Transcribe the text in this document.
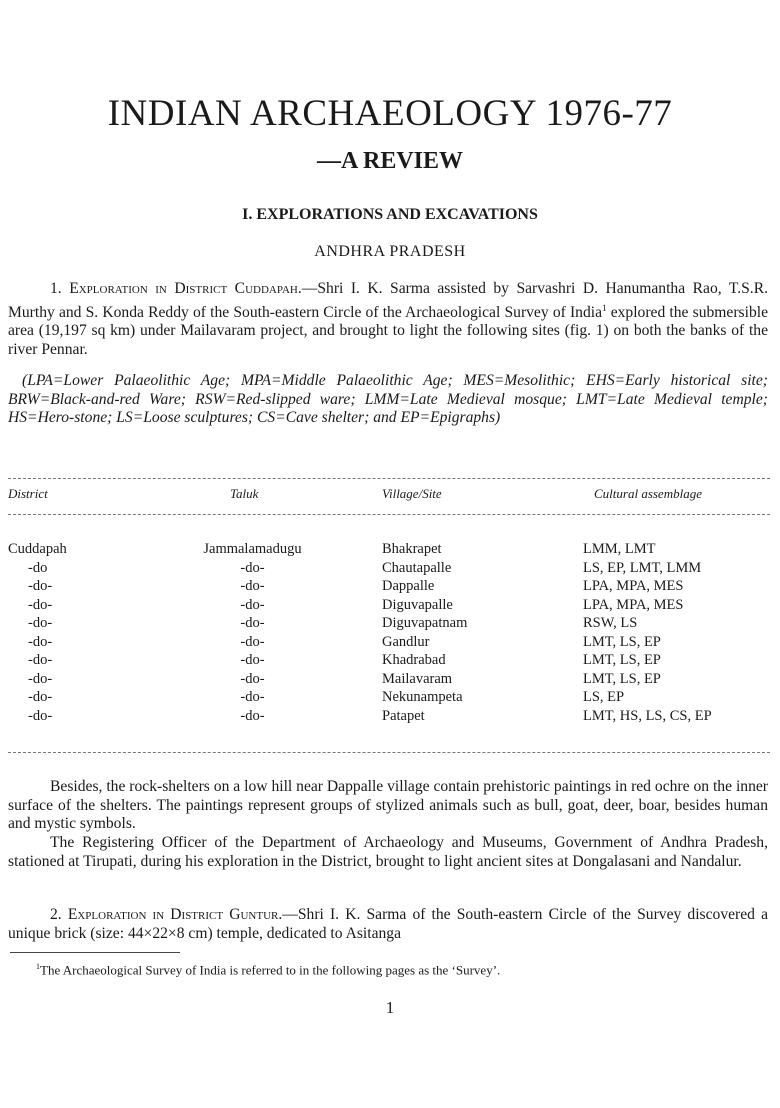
INDIAN ARCHAEOLOGY 1976-77
—A REVIEW
I. EXPLORATIONS AND EXCAVATIONS
ANDHRA PRADESH
1. Exploration in District Cuddapah.—Shri I. K. Sarma assisted by Sarvashri D. Hanumantha Rao, T.S.R. Murthy and S. Konda Reddy of the South-eastern Circle of the Archaeological Survey of India$^1$ explored the submersible area (19,197 sq km) under Mailavaram project, and brought to light the following sites (fig. 1) on both the banks of the river Pennar.
(LPA=Lower Palaeolithic Age; MPA=Middle Palaeolithic Age; MES=Mesolithic; EHS=Early historical site; BRW=Black-and-red Ware; RSW=Red-slipped ware; LMM=Late Medieval mosque; LMT=Late Medieval temple; HS=Hero-stone; LS=Loose sculptures; CS=Cave shelter; and EP=Epigraphs)
District	Taluk	Village/Site	Cultural assemblage
Cuddapah	Jammalamadugu	Bhakrapet	LMM, LMT
-do	-do-	Chautapalle	LS, EP, LMT, LMM
-do-	-do-	Dappalle	LPA, MPA, MES
-do-	-do-	Diguvapalle	LPA, MPA, MES
-do-	-do-	Diguvapatnam	RSW, LS
-do-	-do-	Gandlur	LMT, LS, EP
-do-	-do-	Khadrabad	LMT, LS, EP
-do-	-do-	Mailavaram	LMT, LS, EP
-do-	-do-	Nekunampeta	LS, EP
-do-	-do-	Patapet	LMT, HS, LS, CS, EP
Besides, the rock-shelters on a low hill near Dappalle village contain prehistoric paintings in red ochre on the inner surface of the shelters. The paintings represent groups of stylized animals such as bull, goat, deer, boar, besides human and mystic symbols.
The Registering Officer of the Department of Archaeology and Museums, Government of Andhra Pradesh, stationed at Tirupati, during his exploration in the District, brought to light ancient sites at Dongalasani and Nandalur.
2. Exploration in District Guntur.—Shri I. K. Sarma of the South-eastern Circle of the Survey discovered a unique brick (size: 44×22×8 cm) temple, dedicated to Asitanga
$^1$The Archaeological Survey of India is referred to in the following pages as the ‘Survey’.
1
